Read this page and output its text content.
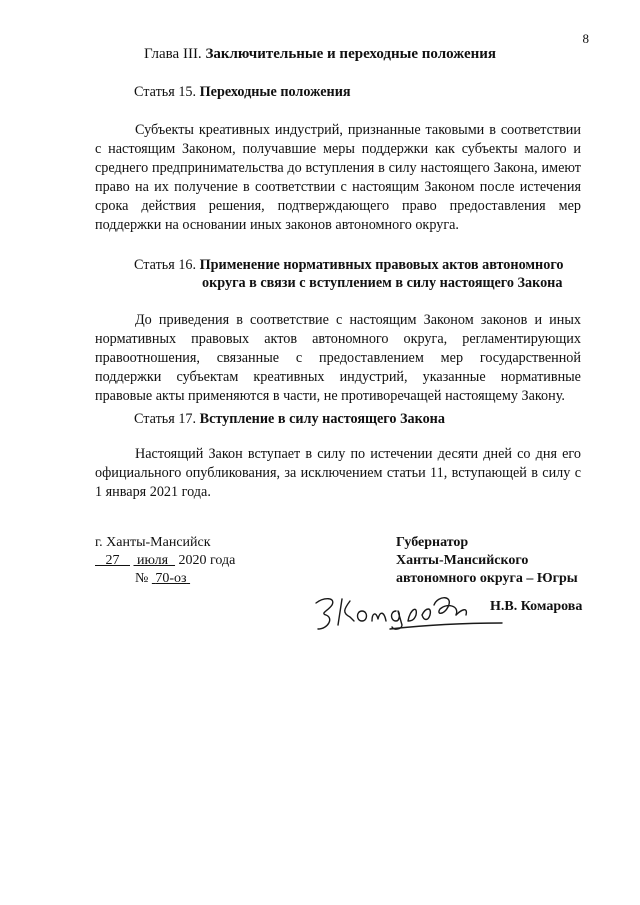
8
Глава III. Заключительные и переходные положения
Статья 15. Переходные положения
Субъекты креативных индустрий, признанные таковыми в соответствии с настоящим Законом, получавшие меры поддержки как субъекты малого и среднего предпринимательства до вступления в силу настоящего Закона, имеют право на их получение в соответствии с настоящим Законом после истечения срока действия решения, подтверждающего право предоставления мер поддержки на основании иных законов автономного округа.
Статья 16. Применение нормативных правовых актов автономного
округа в связи с вступлением в силу настоящего Закона
До приведения в соответствие с настоящим Законом законов и иных нормативных правовых актов автономного округа, регламентирующих правоотношения, связанные с предоставлением мер государственной поддержки субъектам креативных индустрий, указанные нормативные правовые акты применяются в части, не противоречащей настоящему Закону.
Статья 17. Вступление в силу настоящего Закона
Настоящий Закон вступает в силу по истечении десяти дней со дня его официального опубликования, за исключением статьи 11, вступающей в силу с 1 января 2021 года.
г. Ханты-Мансийск
27 июля 2020 года
№ 70-оз
Губернатор
Ханты-Мансийского
автономного округа – Югры
Н.В. Комарова
